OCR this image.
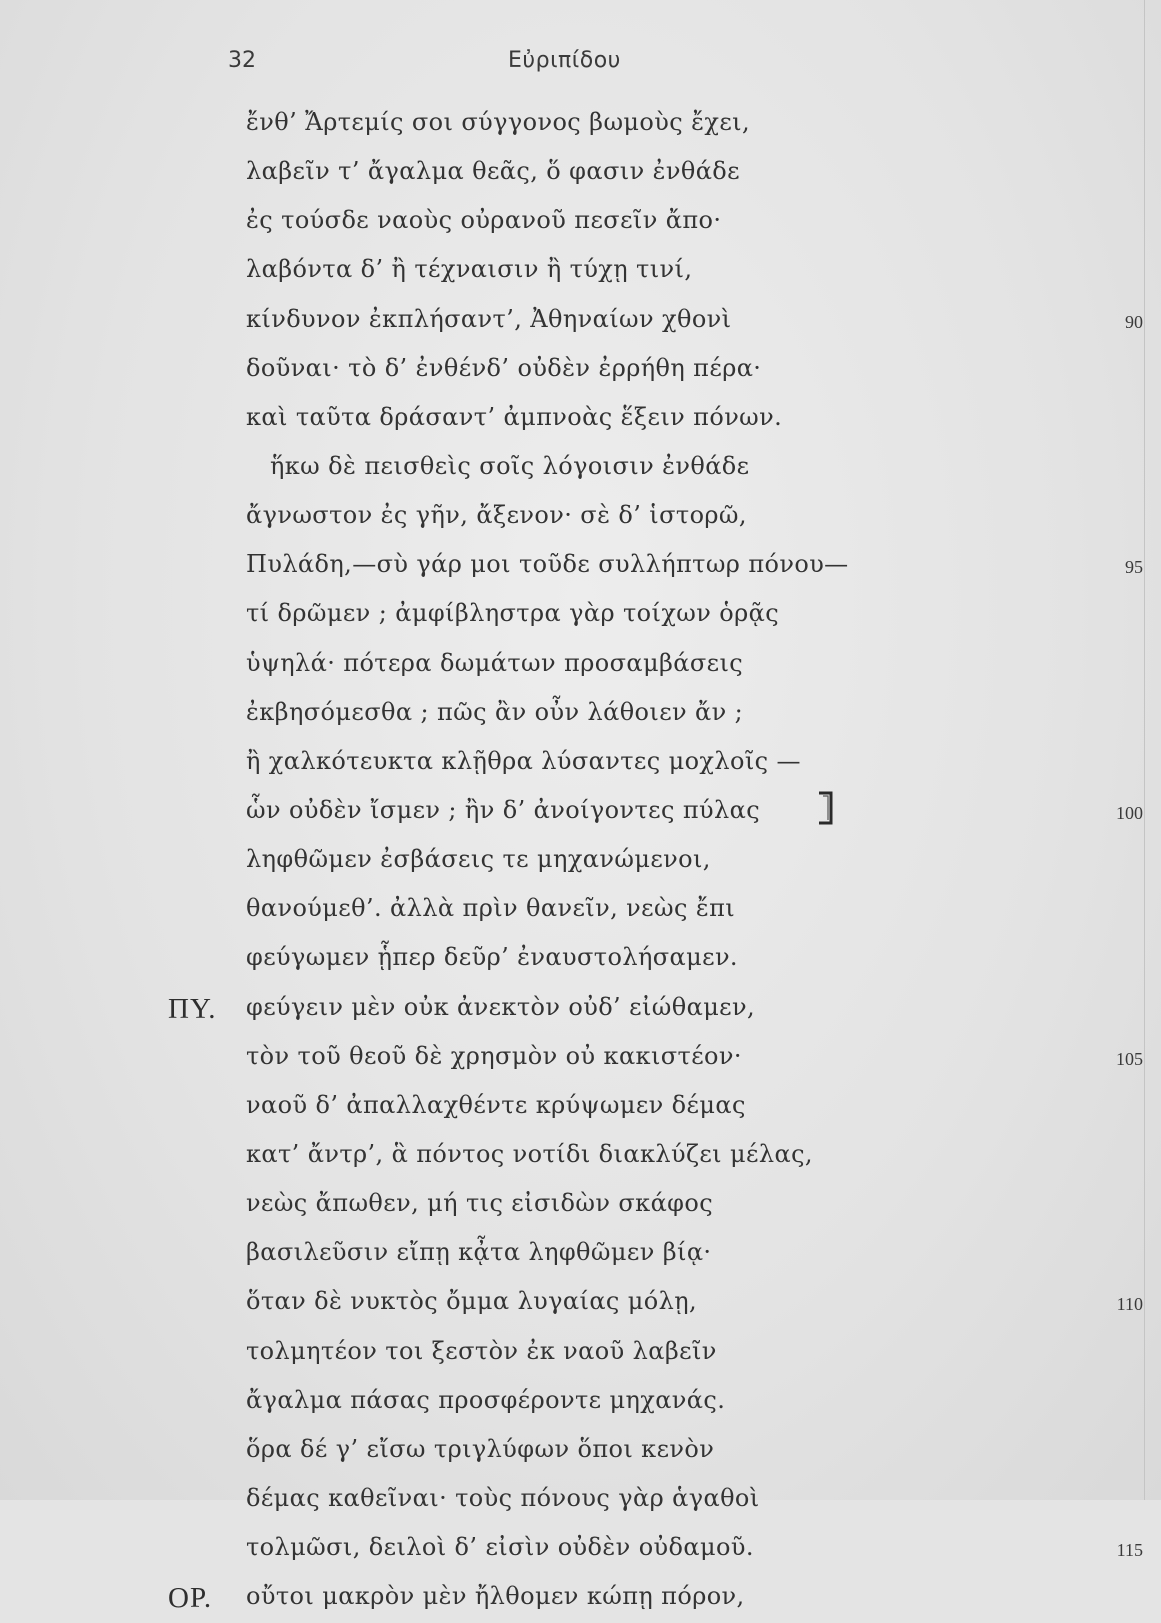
32	Εὐριπίδου
ἔνθ’ Ἄρτεμίς σοι σύγγονος βωμοὺς ἔχει,
λαβεῖν τ’ ἄγαλμα θεᾶς, ὅ φασιν ἐνθάδε
ἐς τούσδε ναοὺς οὐρανοῦ πεσεῖν ἄπο·
λαβόντα δ’ ἢ τέχναισιν ἢ τύχῃ τινί,
κίνδυνον ἐκπλήσαντ’, Ἀθηναίων χθονὶ	90
δοῦναι· τὸ δ’ ἐνθένδ’ οὐδὲν ἐρρήθη πέρα·
καὶ ταῦτα δράσαντ’ ἀμπνοὰς ἕξειν πόνων.
ἥκω δὲ πεισθεὶς σοῖς λόγοισιν ἐνθάδε
ἄγνωστον ἐς γῆν, ἄξενον· σὲ δ’ ἱστορῶ,
Πυλάδη,—σὺ γάρ μοι τοῦδε συλλήπτωρ πόνου—	95
τί δρῶμεν ; ἀμφίβληστρα γὰρ τοίχων ὁρᾷς
ὑψηλά· πότερα δωμάτων προσαμβάσεις
ἐκβησόμεσθα ; πῶς ἂν οὖν λάθοιεν ἄν ;
ἢ χαλκότευκτα κλῇθρα λύσαντες μοχλοῖς —
ὧν οὐδὲν ἴσμεν ; ἢν δ’ ἀνοίγοντες πύλας	100
ληφθῶμεν ἐσβάσεις τε μηχανώμενοι,
θανούμεθ’. ἀλλὰ πρὶν θανεῖν, νεὼς ἔπι
φεύγωμεν ᾗπερ δεῦρ’ ἐναυστολήσαμεν.
ΠΥ. φεύγειν μὲν οὐκ ἀνεκτὸν οὐδ’ εἰώθαμεν,
τὸν τοῦ θεοῦ δὲ χρησμὸν οὐ κακιστέον·	105
ναοῦ δ’ ἀπαλλαχθέντε κρύψωμεν δέμας
κατ’ ἄντρ’, ἃ πόντος νοτίδι διακλύζει μέλας,
νεὼς ἄπωθεν, μή τις εἰσιδὼν σκάφος
βασιλεῦσιν εἴπῃ κᾆτα ληφθῶμεν βίᾳ·
ὅταν δὲ νυκτὸς ὄμμα λυγαίας μόλῃ,	110
τολμητέον τοι ξεστὸν ἐκ ναοῦ λαβεῖν
ἄγαλμα πάσας προσφέροντε μηχανάς.
ὅρα δέ γ’ εἴσω τριγλύφων ὅποι κενὸν
δέμας καθεῖναι· τοὺς πόνους γὰρ ἁγαθοὶ
τολμῶσι, δειλοὶ δ’ εἰσὶν οὐδὲν οὐδαμοῦ.	115
ΟΡ. οὔτοι μακρὸν μὲν ἤλθομεν κώπῃ πόρον,
